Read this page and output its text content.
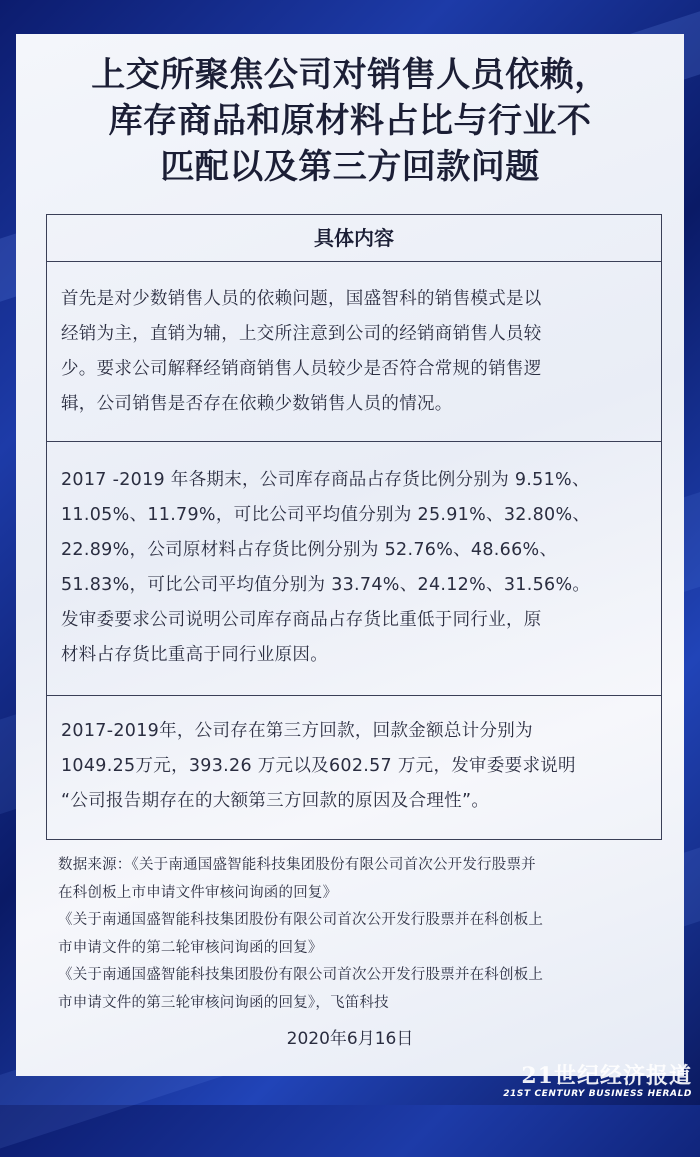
上交所聚焦公司对销售人员依赖，
库存商品和原材料占比与行业不
匹配以及第三方回款问题
具体内容

首先是对少数销售人员的依赖问题，国盛智科的销售模式是以

经销为主，直销为辅，上交所注意到公司的经销商销售人员较

少。要求公司解释经销商销售人员较少是否符合常规的销售逻

辑，公司销售是否存在依赖少数销售人员的情况。

2017 -2019 年各期末，公司库存商品占存货比例分别为 9.51%、

11.05%、11.79%，可比公司平均值分别为 25.91%、32.80%、

22.89%，公司原材料占存货比例分别为 52.76%、48.66%、

51.83%，可比公司平均值分别为 33.74%、24.12%、31.56%。

发审委要求公司说明公司库存商品占存货比重低于同行业，原

材料占存货比重高于同行业原因。

2017-2019年，公司存在第三方回款，回款金额总计分别为

1049.25万元，393.26 万元以及602.57 万元，发审委要求说明

“公司报告期存在的大额第三方回款的原因及合理性”。

数据来源：《关于南通国盛智能科技集团股份有限公司首次公开发行股票并
在科创板上市申请文件审核问询函的回复》
《关于南通国盛智能科技集团股份有限公司首次公开发行股票并在科创板上
市申请文件的第二轮审核问询函的回复》
《关于南通国盛智能科技集团股份有限公司首次公开发行股票并在科创板上
市申请文件的第三轮审核问询函的回复》，飞笛科技
2020年6月16日
21世纪经济报道
21ST CENTURY BUSINESS HERALD
